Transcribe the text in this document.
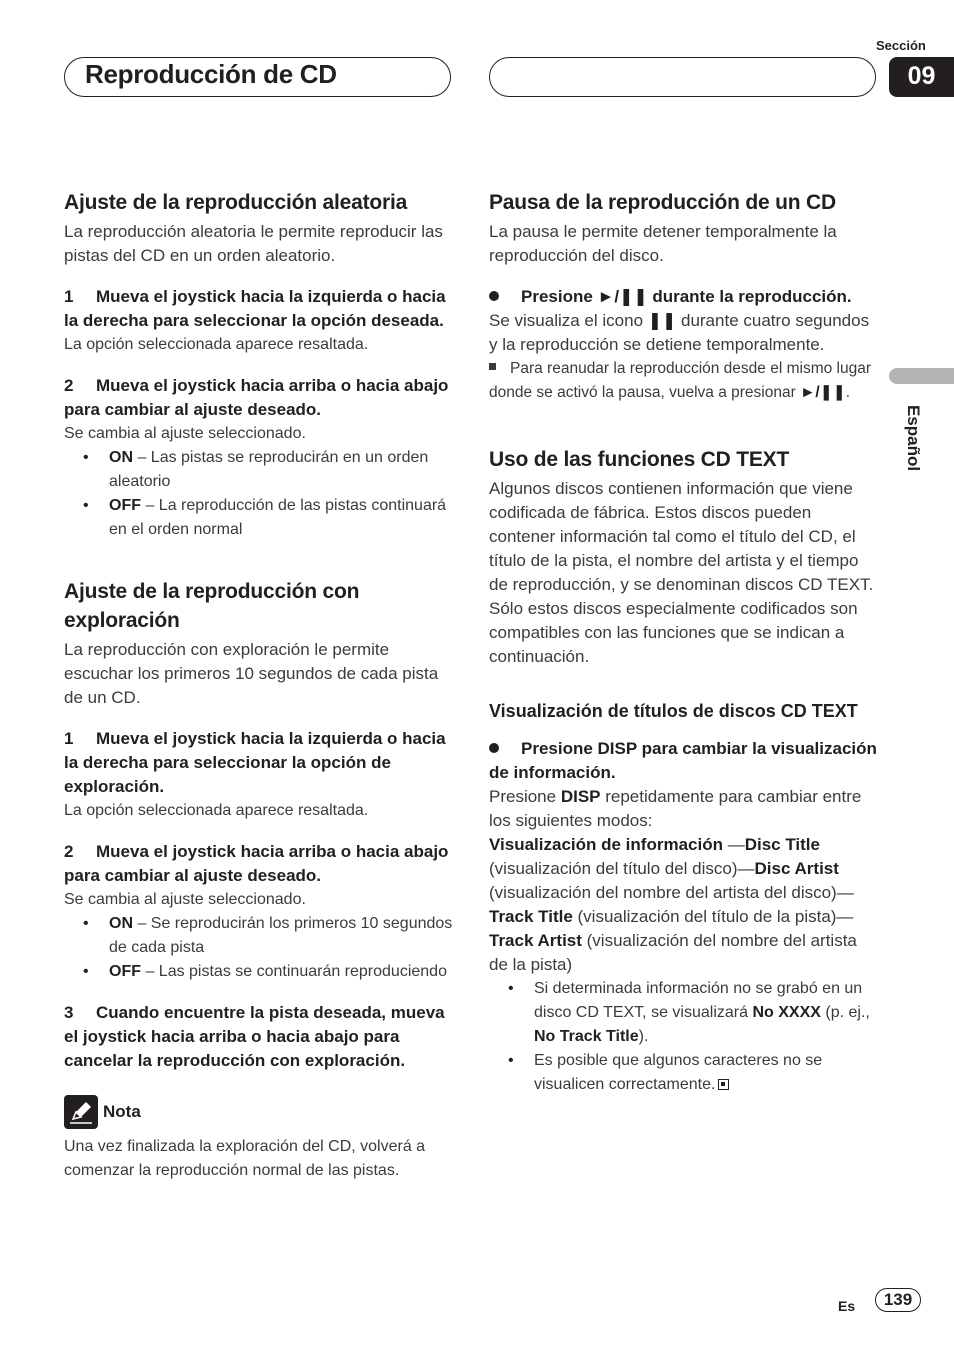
Reproducción de CD
Sección
09
Español
Ajuste de la reproducción aleatoria

La reproducción aleatoria le permite reproducir las pistas del CD en un orden aleatorio.

1 Mueva el joystick hacia la izquierda o hacia la derecha para seleccionar la opción deseada.

La opción seleccionada aparece resaltada.

2 Mueva el joystick hacia arriba o hacia abajo para cambiar al ajuste deseado.

Se cambia al ajuste seleccionado.

• ON – Las pistas se reproducirán en un orden aleatorio
• OFF – La reproducción de las pistas continuará en el orden normal
Ajuste de la reproducción con exploración

La reproducción con exploración le permite escuchar los primeros 10 segundos de cada pista de un CD.

1 Mueva el joystick hacia la izquierda o hacia la derecha para seleccionar la opción de exploración.

La opción seleccionada aparece resaltada.

2 Mueva el joystick hacia arriba o hacia abajo para cambiar al ajuste deseado.

Se cambia al ajuste seleccionado.

• ON – Se reproducirán los primeros 10 segundos de cada pista
• OFF – Las pistas se continuarán reproduciendo

3 Cuando encuentre la pista deseada, mueva el joystick hacia arriba o hacia abajo para cancelar la reproducción con exploración.

Nota

Una vez finalizada la exploración del CD, volverá a comenzar la reproducción normal de las pistas.

Pausa de la reproducción de un CD

La pausa le permite detener temporalmente la reproducción del disco.

Presione ►/❚❚ durante la reproducción.

Se visualiza el icono ❚❚ durante cuatro segundos y la reproducción se detiene temporalmente.

Para reanudar la reproducción desde el mismo lugar donde se activó la pausa, vuelva a presionar ►/❚❚.

Uso de las funciones CD TEXT

Algunos discos contienen información que viene codificada de fábrica. Estos discos pueden contener información tal como el título del CD, el título de la pista, el nombre del artista y el tiempo de reproducción, y se denominan discos CD TEXT. Sólo estos discos especialmente codificados son compatibles con las funciones que se indican a continuación.

Visualización de títulos de discos CD TEXT

Presione DISP para cambiar la visualización de información.

Presione DISP repetidamente para cambiar entre los siguientes modos:

Visualización de información —Disc Title (visualización del título del disco)—Disc Artist (visualización del nombre del artista del disco)—Track Title (visualización del título de la pista)—Track Artist (visualización del nombre del artista de la pista)

• Si determinada información no se grabó en un disco CD TEXT, se visualizará No XXXX (p. ej., No Track Title).
• Es posible que algunos caracteres no se visualicen correctamente.
Es	139
